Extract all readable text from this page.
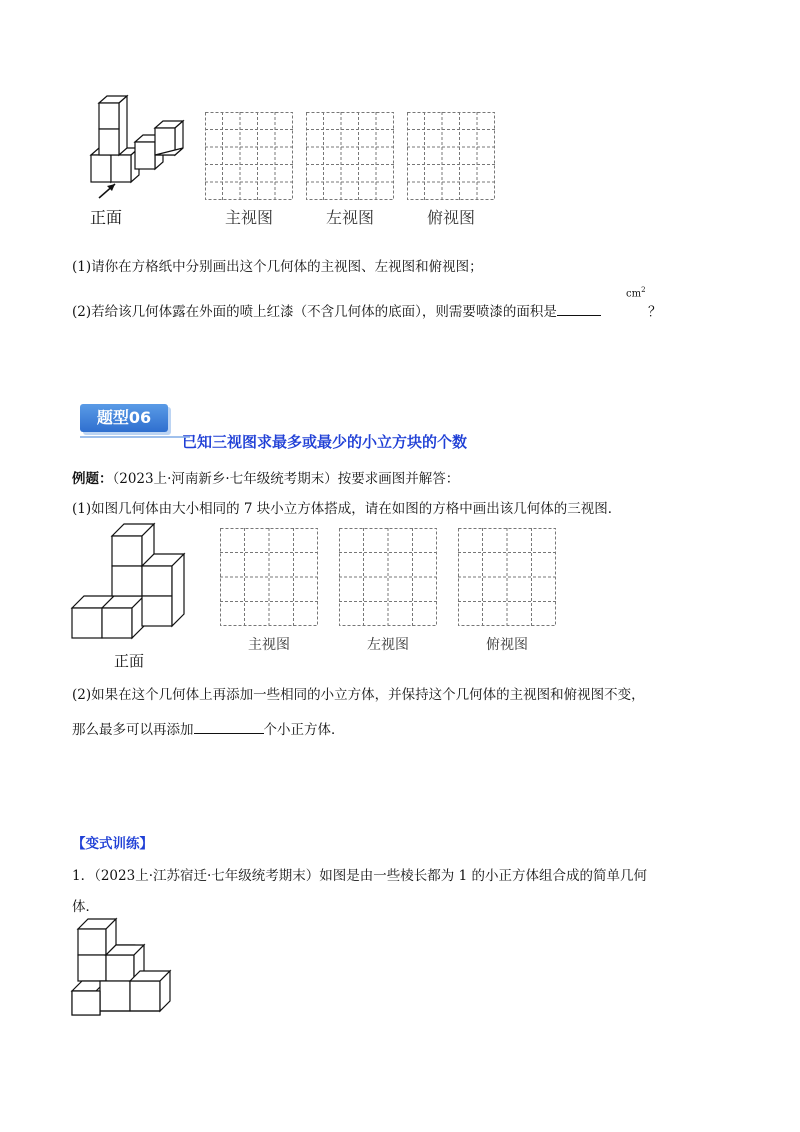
正面	主视图	左视图	俯视图
(1)请你在方格纸中分别画出这个几何体的主视图、左视图和俯视图；
(2)若给该几何体露在外面的喷上红漆（不含几何体的底面），则需要喷漆的面积是
$cm^2$
？
题型06
已知三视图求最多或最少的小立方块的个数
例题：（2023上·河南新乡·七年级统考期末）按要求画图并解答：
(1)如图几何体由大小相同的 7 块小立方体搭成，请在如图的方格中画出该几何体的三视图．
正面
主视图	左视图	俯视图
(2)如果在这个几何体上再添加一些相同的小立方体，并保持这个几何体的主视图和俯视图不变，
那么最多可以再添加	个小正方体．
【变式训练】
1．（2023上·江苏宿迁·七年级统考期末）如图是由一些棱长都为 1 的小正方体组合成的简单几何
体．
